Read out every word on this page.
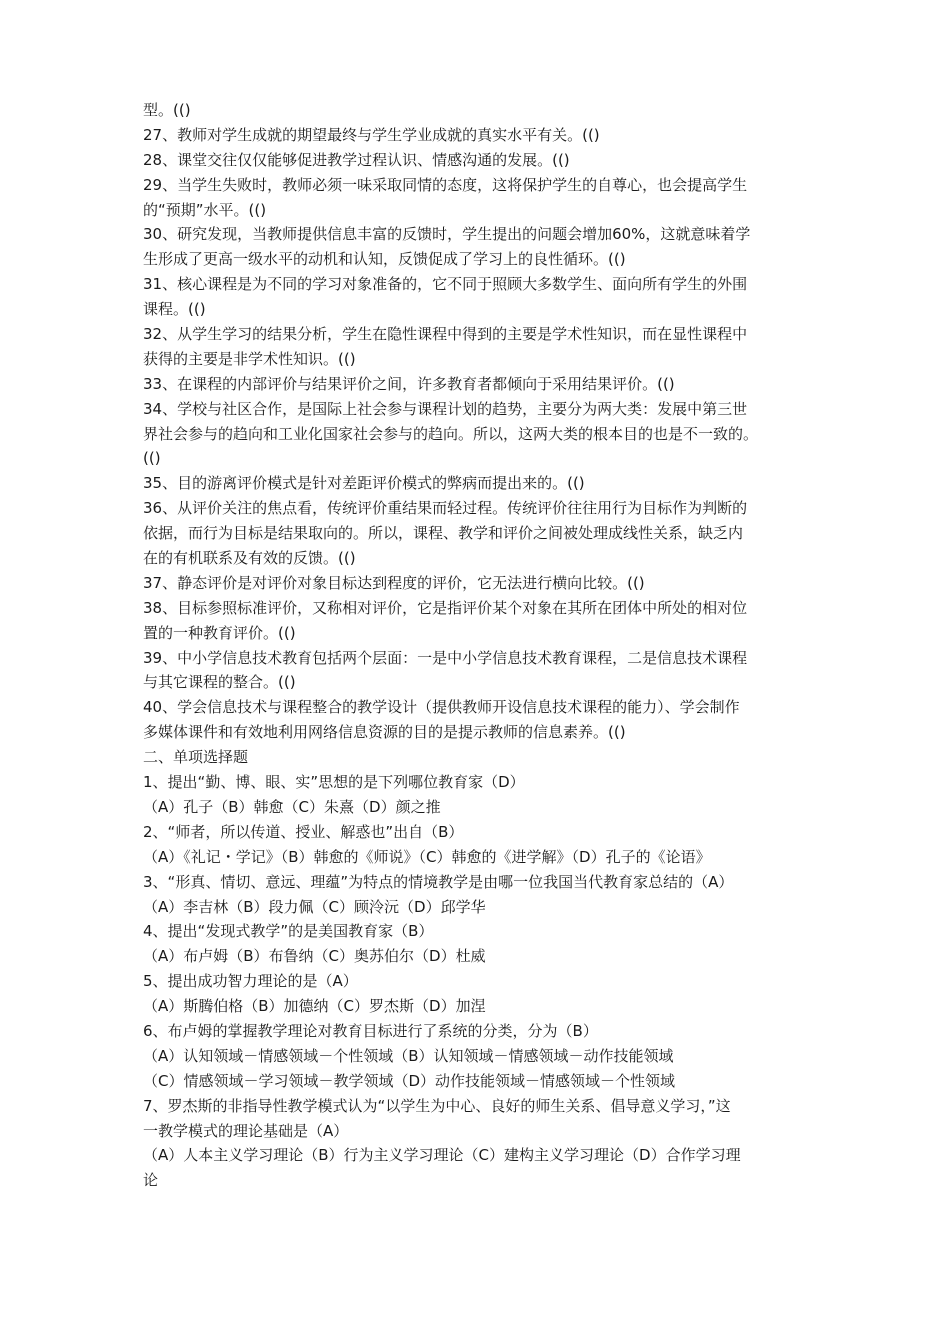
型。(()
27、教师对学生成就的期望最终与学生学业成就的真实水平有关。(()
28、课堂交往仅仅能够促进教学过程认识、情感沟通的发展。(()
29、当学生失败时，教师必须一味采取同情的态度，这将保护学生的自尊心，也会提高学生
的“预期”水平。(()
30、研究发现，当教师提供信息丰富的反馈时，学生提出的问题会增加60%，这就意味着学
生形成了更高一级水平的动机和认知，反馈促成了学习上的良性循环。(()
31、核心课程是为不同的学习对象准备的，它不同于照顾大多数学生、面向所有学生的外围
课程。(()
32、从学生学习的结果分析，学生在隐性课程中得到的主要是学术性知识，而在显性课程中
获得的主要是非学术性知识。(()
33、在课程的内部评价与结果评价之间，许多教育者都倾向于采用结果评价。(()
34、学校与社区合作，是国际上社会参与课程计划的趋势，主要分为两大类：发展中第三世
界社会参与的趋向和工业化国家社会参与的趋向。所以，这两大类的根本目的也是不一致的。
(()
35、目的游离评价模式是针对差距评价模式的弊病而提出来的。(()
36、从评价关注的焦点看，传统评价重结果而轻过程。传统评价往往用行为目标作为判断的
依据，而行为目标是结果取向的。所以，课程、教学和评价之间被处理成线性关系，缺乏内
在的有机联系及有效的反馈。(()
37、静态评价是对评价对象目标达到程度的评价，它无法进行横向比较。(()
38、目标参照标准评价，又称相对评价，它是指评价某个对象在其所在团体中所处的相对位
置的一种教育评价。(()
39、中小学信息技术教育包括两个层面：一是中小学信息技术教育课程，二是信息技术课程
与其它课程的整合。(()
40、学会信息技术与课程整合的教学设计（提供教师开设信息技术课程的能力）、学会制作
多媒体课件和有效地利用网络信息资源的目的是提示教师的信息素养。(()
二、单项选择题
1、提出“勤、博、眼、实”思想的是下列哪位教育家（D）
（A）孔子（B）韩愈（C）朱熹（D）颜之推
2、“师者，所以传道、授业、解惑也”出自（B）
（A）《礼记・学记》（B）韩愈的《师说》（C）韩愈的《进学解》（D）孔子的《论语》
3、“形真、情切、意远、理蕴”为特点的情境教学是由哪一位我国当代教育家总结的（A）
（A）李吉林（B）段力佩（C）顾泠沅（D）邱学华
4、提出“发现式教学”的是美国教育家（B）
（A）布卢姆（B）布鲁纳（C）奥苏伯尔（D）杜威
5、提出成功智力理论的是（A）
（A）斯腾伯格（B）加德纳（C）罗杰斯（D）加涅
6、布卢姆的掌握教学理论对教育目标进行了系统的分类，分为（B）
（A）认知领域－情感领域－个性领域（B）认知领域－情感领域－动作技能领域
（C）情感领域－学习领域－教学领域（D）动作技能领域－情感领域－个性领域
7、罗杰斯的非指导性教学模式认为“以学生为中心、良好的师生关系、倡导意义学习，”这
一教学模式的理论基础是（A）
（A）人本主义学习理论（B）行为主义学习理论（C）建构主义学习理论（D）合作学习理
论
